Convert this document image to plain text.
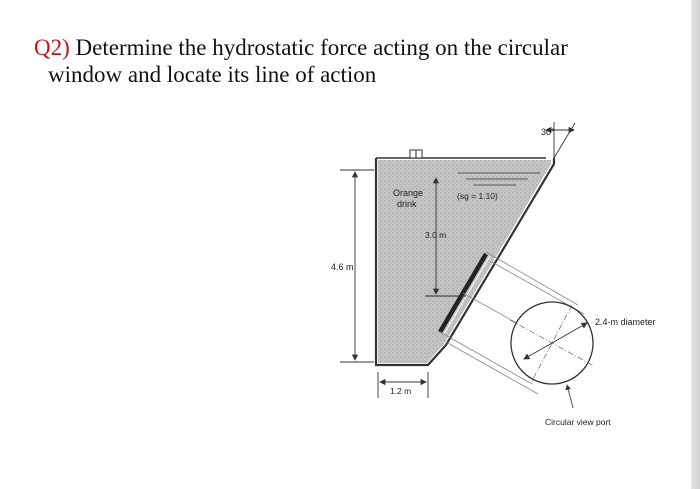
Q2) Determine the hydrostatic force acting on the circular
window and locate its line of action
30°
4.6 m
3.0 m
1.2 m
Orange
drink
(sg = 1.10)
2.4-m diameter
Circular view port
